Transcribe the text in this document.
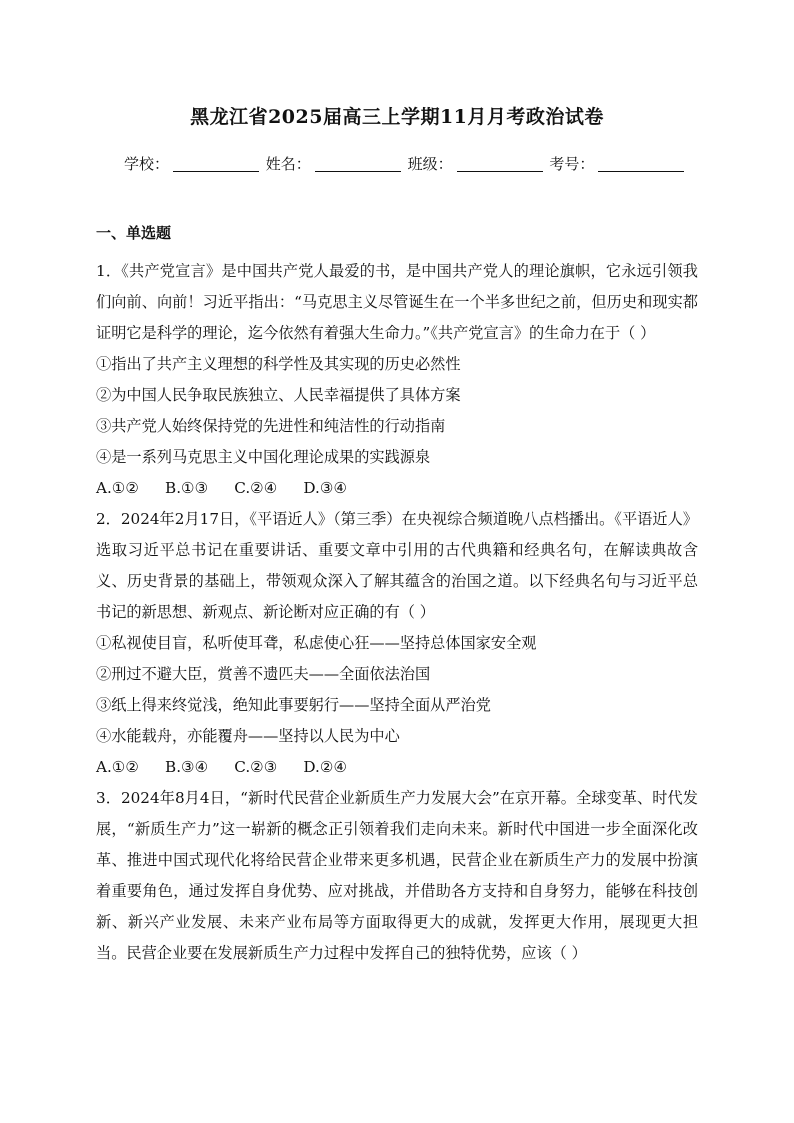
黑龙江省2025届高三上学期11月月考政治试卷
学校：	姓名：	班级：	考号：
一、单选题

1．《共产党宣言》是中国共产党人最爱的书，是中国共产党人的理论旗帜，它永远引领我们向前、向前！习近平指出：“马克思主义尽管诞生在一个半多世纪之前，但历史和现实都证明它是科学的理论，迄今依然有着强大生命力。”《共产党宣言》的生命力在于（ ）

①指出了共产主义理想的科学性及其实现的历史必然性

②为中国人民争取民族独立、人民幸福提供了具体方案

③共产党人始终保持党的先进性和纯洁性的行动指南

④是一系列马克思主义中国化理论成果的实践源泉

A.①② B.①③ C.②④ D.③④

2．2024年2月17日，《平语近人》（第三季）在央视综合频道晚八点档播出。《平语近人》选取习近平总书记在重要讲话、重要文章中引用的古代典籍和经典名句，在解读典故含义、历史背景的基础上，带领观众深入了解其蕴含的治国之道。以下经典名句与习近平总书记的新思想、新观点、新论断对应正确的有（ ）

①私视使目盲，私听使耳聋，私虑使心狂——坚持总体国家安全观

②刑过不避大臣，赏善不遗匹夫——全面依法治国

③纸上得来终觉浅，绝知此事要躬行——坚持全面从严治党

④水能载舟，亦能覆舟——坚持以人民为中心

A.①② B.③④ C.②③ D.②④

3．2024年8月4日，“新时代民营企业新质生产力发展大会”在京开幕。全球变革、时代发展，“新质生产力”这一崭新的概念正引领着我们走向未来。新时代中国进一步全面深化改革、推进中国式现代化将给民营企业带来更多机遇，民营企业在新质生产力的发展中扮演着重要角色，通过发挥自身优势、应对挑战，并借助各方支持和自身努力，能够在科技创新、新兴产业发展、未来产业布局等方面取得更大的成就，发挥更大作用，展现更大担当。民营企业要在发展新质生产力过程中发挥自己的独特优势，应该（ ）
